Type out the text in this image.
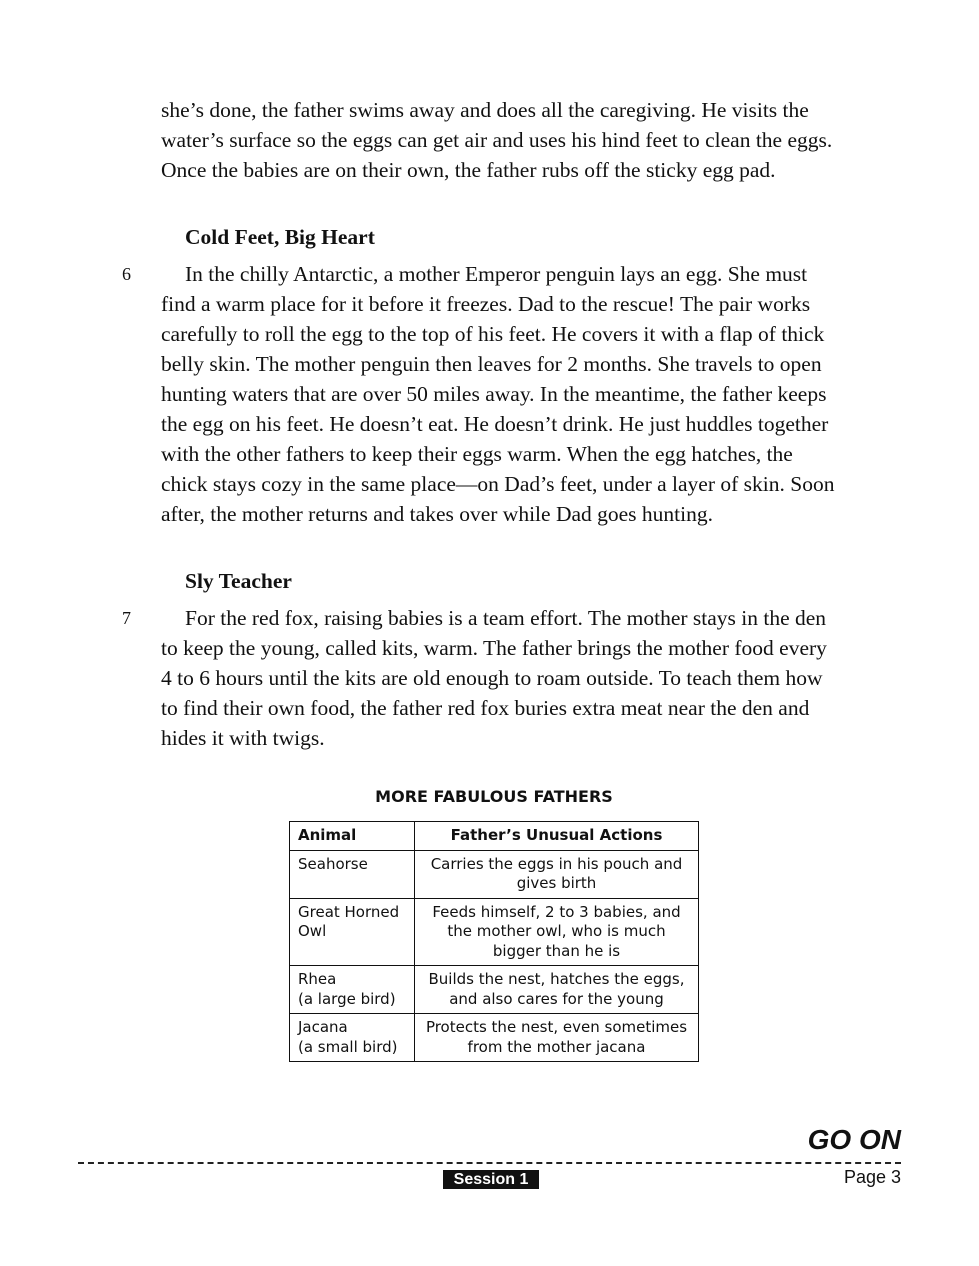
she’s done, the father swims away and does all the caregiving. He visits the water’s surface so the eggs can get air and uses his hind feet to clean the eggs. Once the babies are on their own, the father rubs off the sticky egg pad.
Cold Feet, Big Heart
6	In the chilly Antarctic, a mother Emperor penguin lays an egg. She must find a warm place for it before it freezes. Dad to the rescue! The pair works carefully to roll the egg to the top of his feet. He covers it with a flap of thick belly skin. The mother penguin then leaves for 2 months. She travels to open hunting waters that are over 50 miles away. In the meantime, the father keeps the egg on his feet. He doesn’t eat. He doesn’t drink. He just huddles together with the other fathers to keep their eggs warm. When the egg hatches, the chick stays cozy in the same place—on Dad’s feet, under a layer of skin. Soon after, the mother returns and takes over while Dad goes hunting.
Sly Teacher
7	For the red fox, raising babies is a team effort. The mother stays in the den to keep the young, called kits, warm. The father brings the mother food every 4 to 6 hours until the kits are old enough to roam outside. To teach them how to find their own food, the father red fox buries extra meat near the den and hides it with twigs.
MORE FABULOUS FATHERS
Animal	Father’s Unusual Actions
Seahorse	Carries the eggs in his pouch and gives birth
Great Horned
Owl	Feeds himself, 2 to 3 babies, and the mother owl, who is much bigger than he is
Rhea
(a large bird)	Builds the nest, hatches the eggs, and also cares for the young
Jacana
(a small bird)	Protects the nest, even sometimes from the mother jacana
GO ON
Session 1	Page 3
